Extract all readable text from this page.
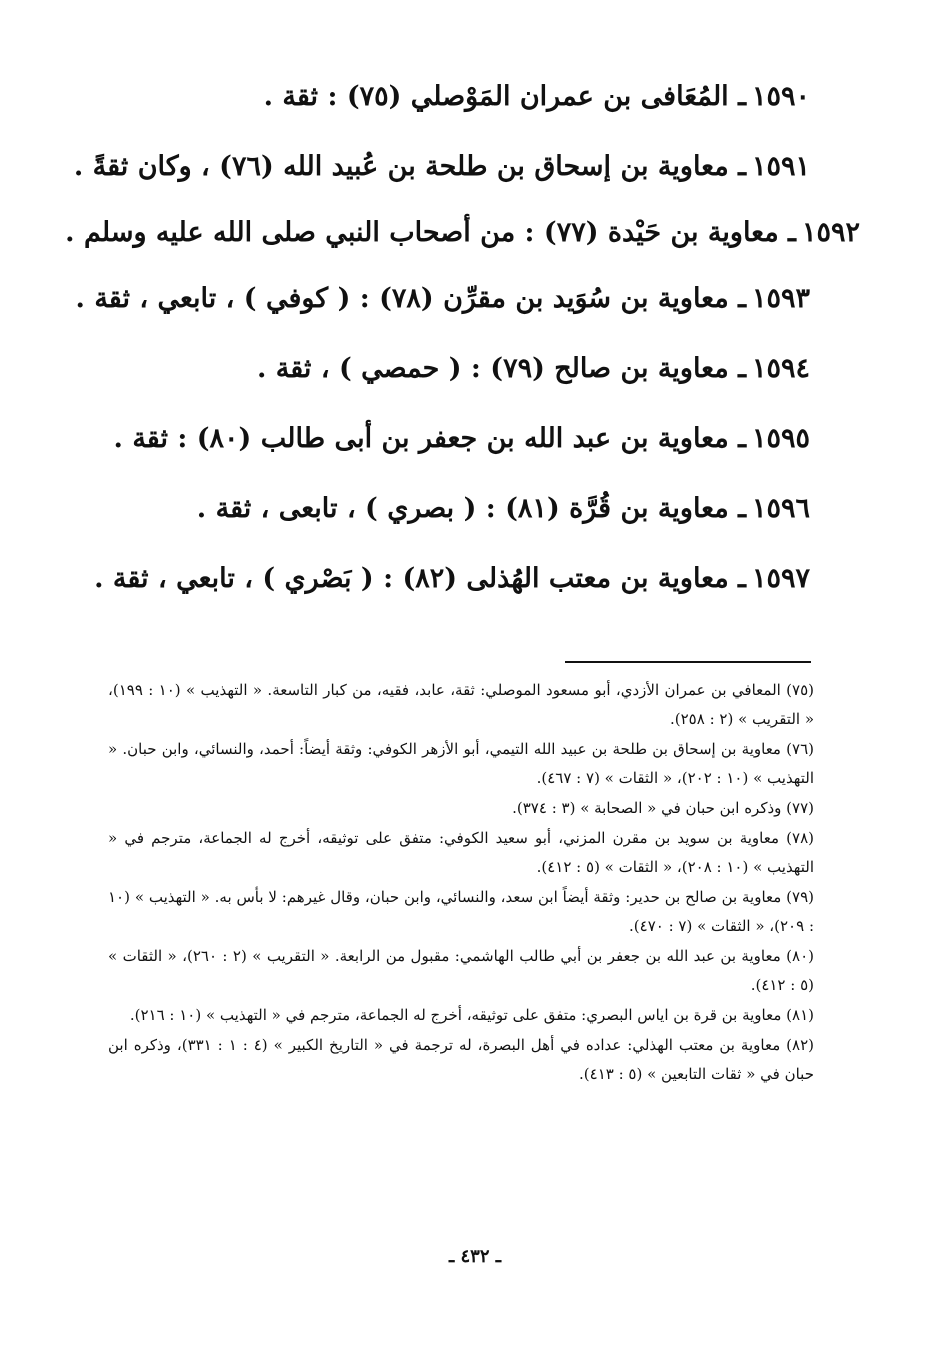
١٥٩٠ـ المُعَافى بن عمران المَوْصلي (٧٥) : ثقة .

١٥٩١ـ معاوية بن إسحاق بن طلحة بن عُبيد الله (٧٦) ، وكان ثقةً .

١٥٩٢ـ معاوية بن حَيْدة (٧٧) : من أصحاب النبي صلى الله عليه وسلم .

١٥٩٣ـ معاوية بن سُوَيد بن مقرِّن (٧٨) : ( كوفي ) ، تابعي ، ثقة .

١٥٩٤ـ معاوية بن صالح (٧٩) : ( حمصي ) ، ثقة .

١٥٩٥ـ معاوية بن عبد الله بن جعفر بن أبى طالب (٨٠) : ثقة .

١٥٩٦ـ معاوية بن قُرَّة (٨١) : ( بصري ) ، تابعى ، ثقة .

١٥٩٧ـ معاوية بن معتب الهُذلى (٨٢) : ( بَصْري ) ، تابعي ، ثقة .

(٧٥) المعافي بن عمران الأزدي، أبو مسعود الموصلي: ثقة، عابد، فقيه، من كبار التاسعة. « التهذيب » (١٠ : ١٩٩)، « التقريب » (٢ : ٢٥٨).

(٧٦) معاوية بن إسحاق بن طلحة بن عبيد الله التيمي، أبو الأزهر الكوفي: وثقة أيضاً: أحمد، والنسائي، وابن حبان. « التهذيب » (١٠ : ٢٠٢)، « الثقات » (٧ : ٤٦٧).

(٧٧) وذكره ابن حبان في « الصحابة » (٣ : ٣٧٤).

(٧٨) معاوية بن سويد بن مقرن المزني، أبو سعيد الكوفي: متفق على توثيقه، أخرج له الجماعة، مترجم في « التهذيب » (١٠ : ٢٠٨)، « الثقات » (٥ : ٤١٢).

(٧٩) معاوية بن صالح بن حدير: وثقة أيضاً ابن سعد، والنسائي، وابن حبان، وقال غيرهم: لا بأس به. « التهذيب » (١٠ : ٢٠٩)، « الثقات » (٧ : ٤٧٠).

(٨٠) معاوية بن عبد الله بن جعفر بن أبي طالب الهاشمي: مقبول من الرابعة. « التقريب » (٢ : ٢٦٠)، « الثقات » (٥ : ٤١٢).

(٨١) معاوية بن قرة بن اياس البصري: متفق على توثيقه، أخرج له الجماعة، مترجم في « التهذيب » (١٠ : ٢١٦).

(٨٢) معاوية بن معتب الهذلي: عداده في أهل البصرة، له ترجمة في « التاريخ الكبير » (٤ : ١ : ٣٣١)، وذكره ابن حبان في « ثقات التابعين » (٥ : ٤١٣).

ـ ٤٣٢ ـ
